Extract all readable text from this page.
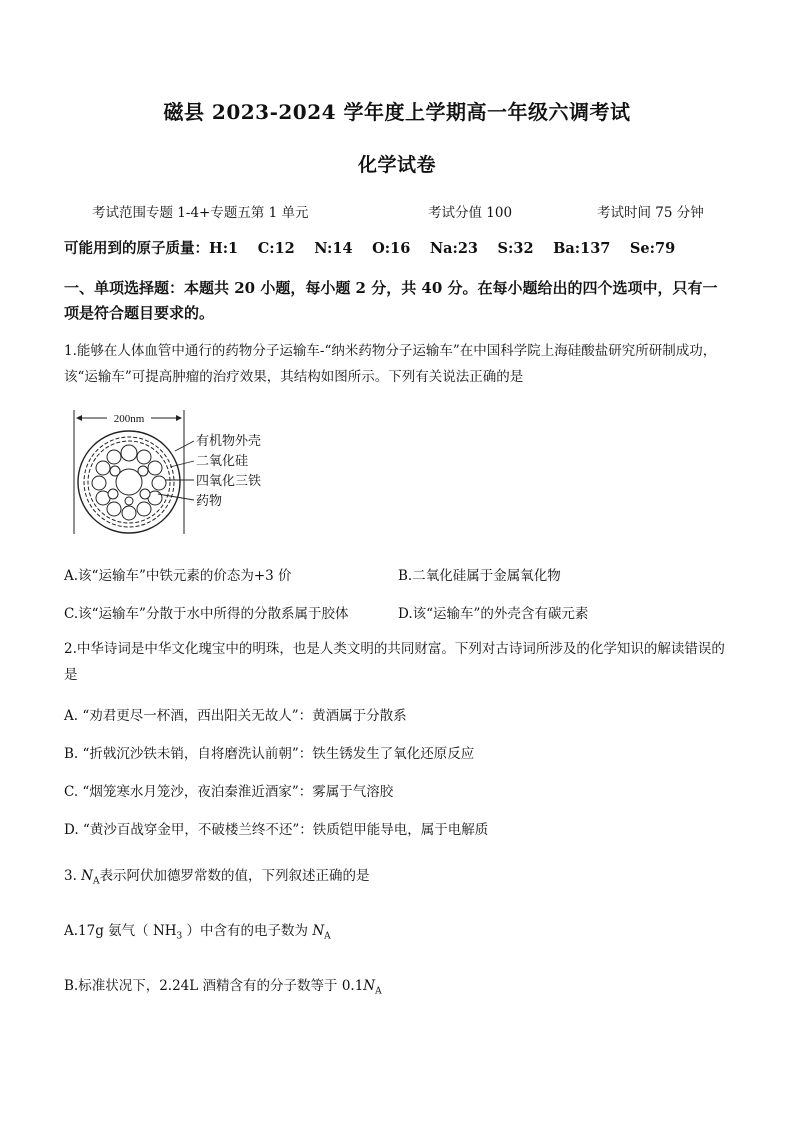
磁县 2023-2024 学年度上学期高一年级六调考试
化学试卷
考试范围专题 1-4+专题五第 1 单元	考试分值 100	考试时间 75 分钟
可能用到的原子质量：H:1　 C:12　 N:14　 O:16　 Na:23　 S:32　 Ba:137　 Se:79
一、单项选择题：本题共 20 小题，每小题 2 分，共 40 分。在每小题给出的四个选项中，只有一项是符合题目要求的。
1.能够在人体血管中通行的药物分子运输车-“纳米药物分子运输车”在中国科学院上海硅酸盐研究所研制成功，该“运输车”可提高肿瘤的治疗效果，其结构如图所示。下列有关说法正确的是
200nm
有机物外壳
二氧化硅
四氧化三铁
药物
A.该“运输车”中铁元素的价态为+3 价	B.二氧化硅属于金属氧化物
C.该“运输车”分散于水中所得的分散系属于胶体	D.该“运输车”的外壳含有碳元素
2.中华诗词是中华文化瑰宝中的明珠，也是人类文明的共同财富。下列对古诗词所涉及的化学知识的解读错误的是
A. “劝君更尽一杯酒，西出阳关无故人”：黄酒属于分散系
B. “折戟沉沙铁未销，自将磨洗认前朝”：铁生锈发生了氧化还原反应
C. “烟笼寒水月笼沙，夜泊秦淮近酒家”：雾属于气溶胶
D. “黄沙百战穿金甲，不破楼兰终不还”：铁质铠甲能导电，属于电解质
3. $N_A$表示阿伏加德罗常数的值，下列叙述正确的是
A.17g 氨气（ $NH_3$ ）中含有的电子数为 $N_A$
B.标准状况下，2.24L 酒精含有的分子数等于 $0.1N_A$
